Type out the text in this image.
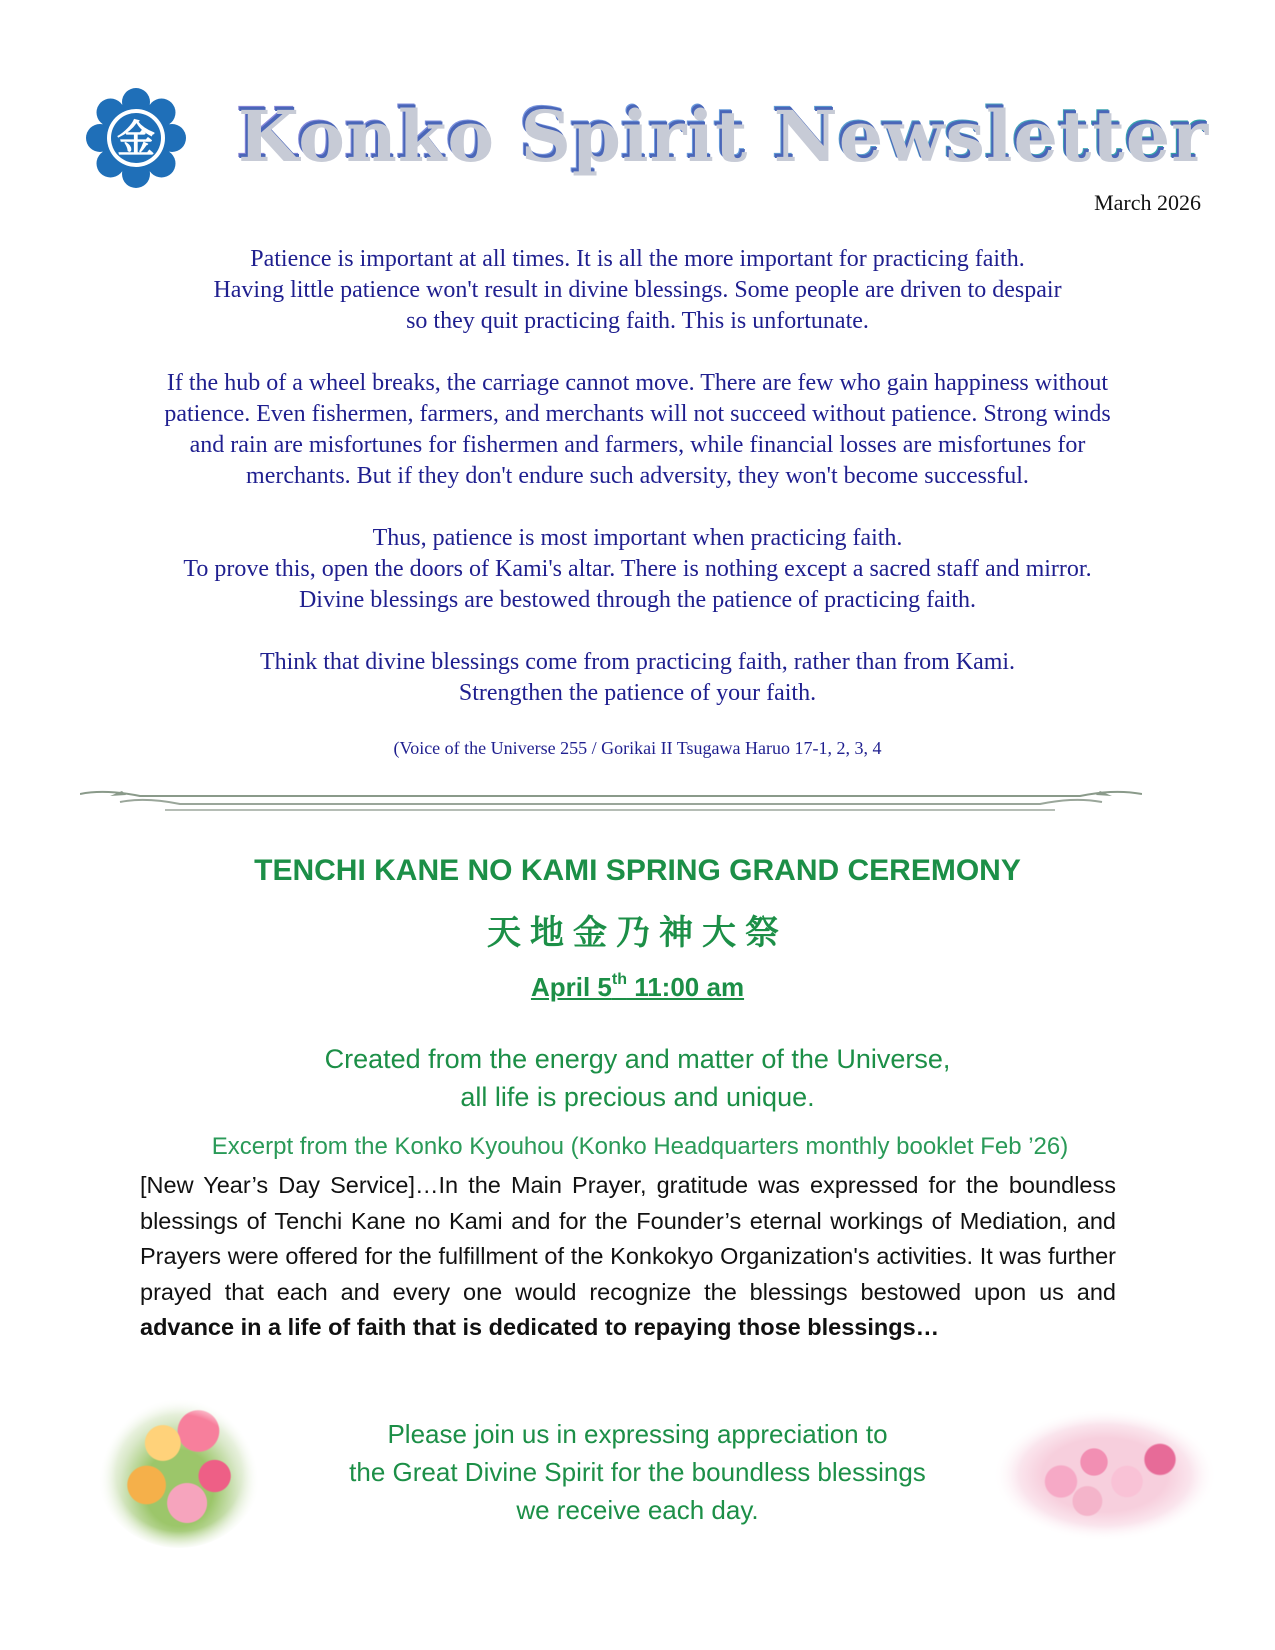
金 Konko Spirit Newsletter
March 2026

Patience is important at all times. It is all the more important for practicing faith.
Having little patience won't result in divine blessings. Some people are driven to despair
so they quit practicing faith. This is unfortunate.

If the hub of a wheel breaks, the carriage cannot move. There are few who gain happiness without
patience. Even fishermen, farmers, and merchants will not succeed without patience. Strong winds
and rain are misfortunes for fishermen and farmers, while financial losses are misfortunes for
merchants. But if they don't endure such adversity, they won't become successful.

Thus, patience is most important when practicing faith.
To prove this, open the doors of Kami's altar. There is nothing except a sacred staff and mirror.
Divine blessings are bestowed through the patience of practicing faith.

Think that divine blessings come from practicing faith, rather than from Kami.
Strengthen the patience of your faith.

(Voice of the Universe 255 / Gorikai II Tsugawa Haruo 17-1, 2, 3, 4
TENCHI KANE NO KAMI SPRING GRAND CEREMONY
天地金乃神大祭
April 5th 11:00 am
Created from the energy and matter of the Universe,
all life is precious and unique.
Excerpt from the Konko Kyouhou (Konko Headquarters monthly booklet Feb ’26)
[New Year’s Day Service]…In the Main Prayer, gratitude was expressed for the boundless blessings of Tenchi Kane no Kami and for the Founder’s eternal workings of Mediation, and Prayers were offered for the fulfillment of the Konkokyo Organization's activities. It was further prayed that each and every one would recognize the blessings bestowed upon us and advance in a life of faith that is dedicated to repaying those blessings…
Please join us in expressing appreciation to
the Great Divine Spirit for the boundless blessings
we receive each day.
